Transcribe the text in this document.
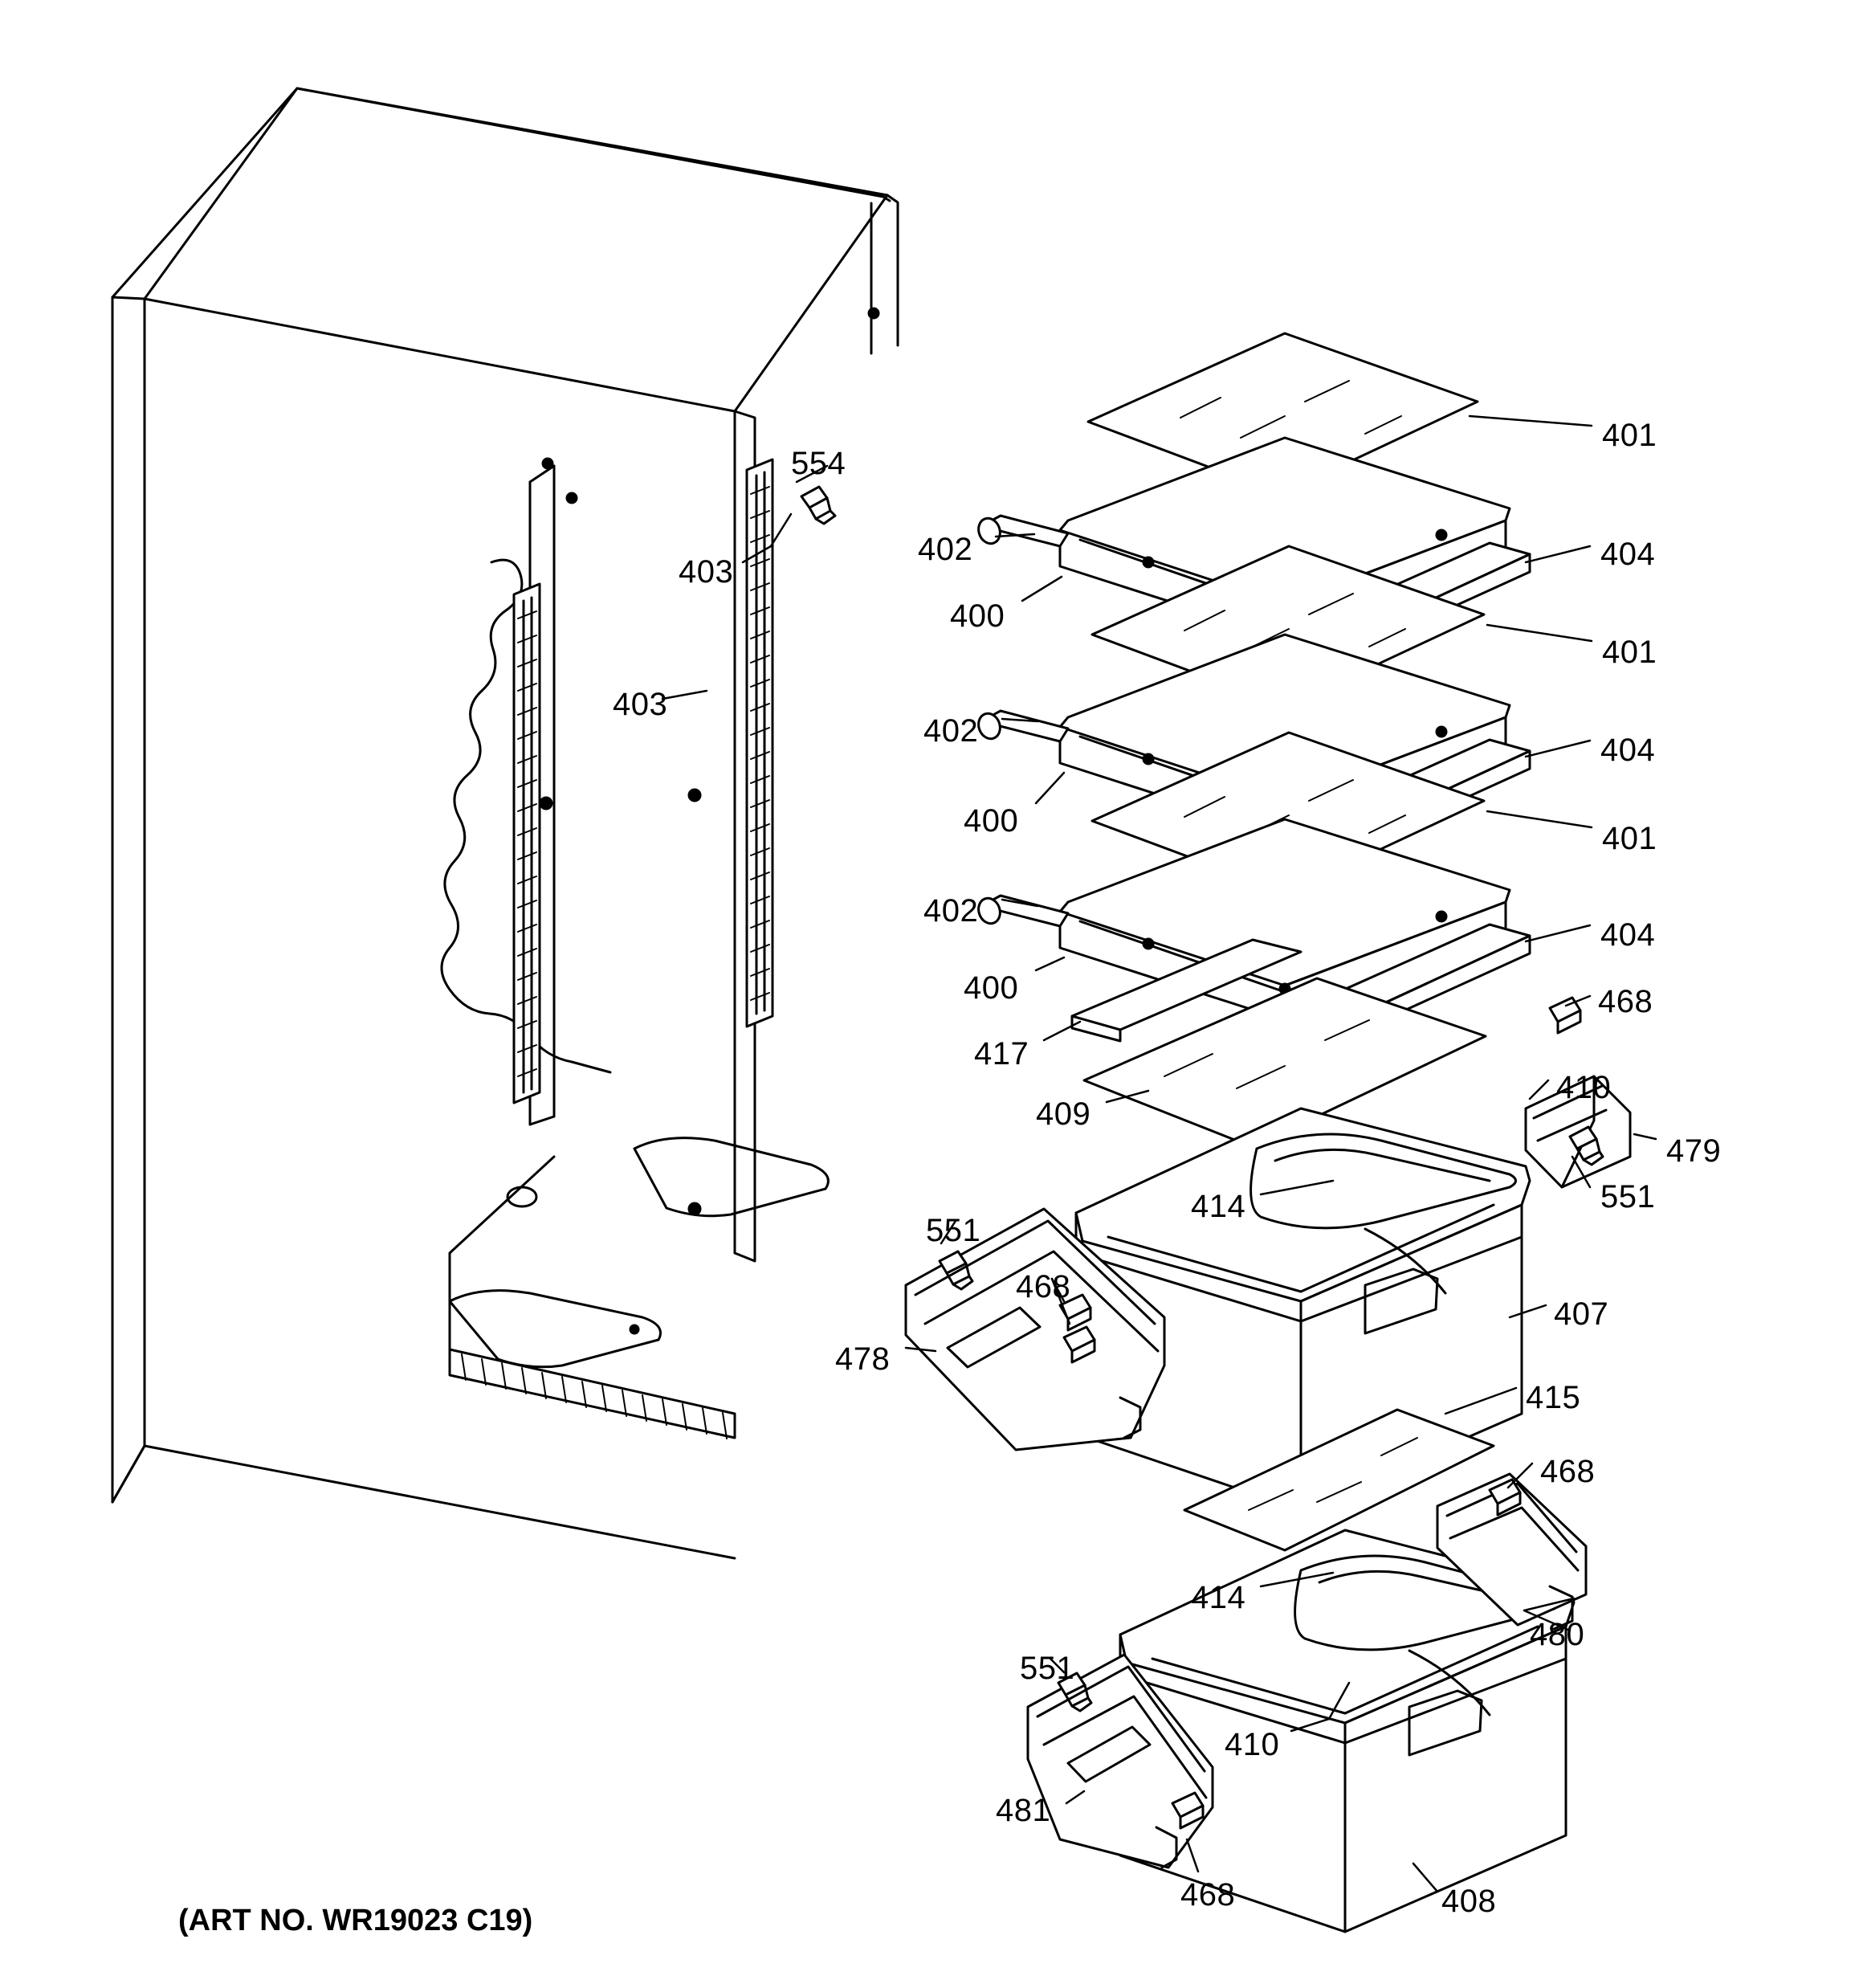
554
403
403
401
402
400
404
401
402
400
404
401
402
404
400
417
468
409
410
479
414	551
551
468
407
478
415
468
414
480
551
410
481
468	408
(ART NO. WR19023 C19)
